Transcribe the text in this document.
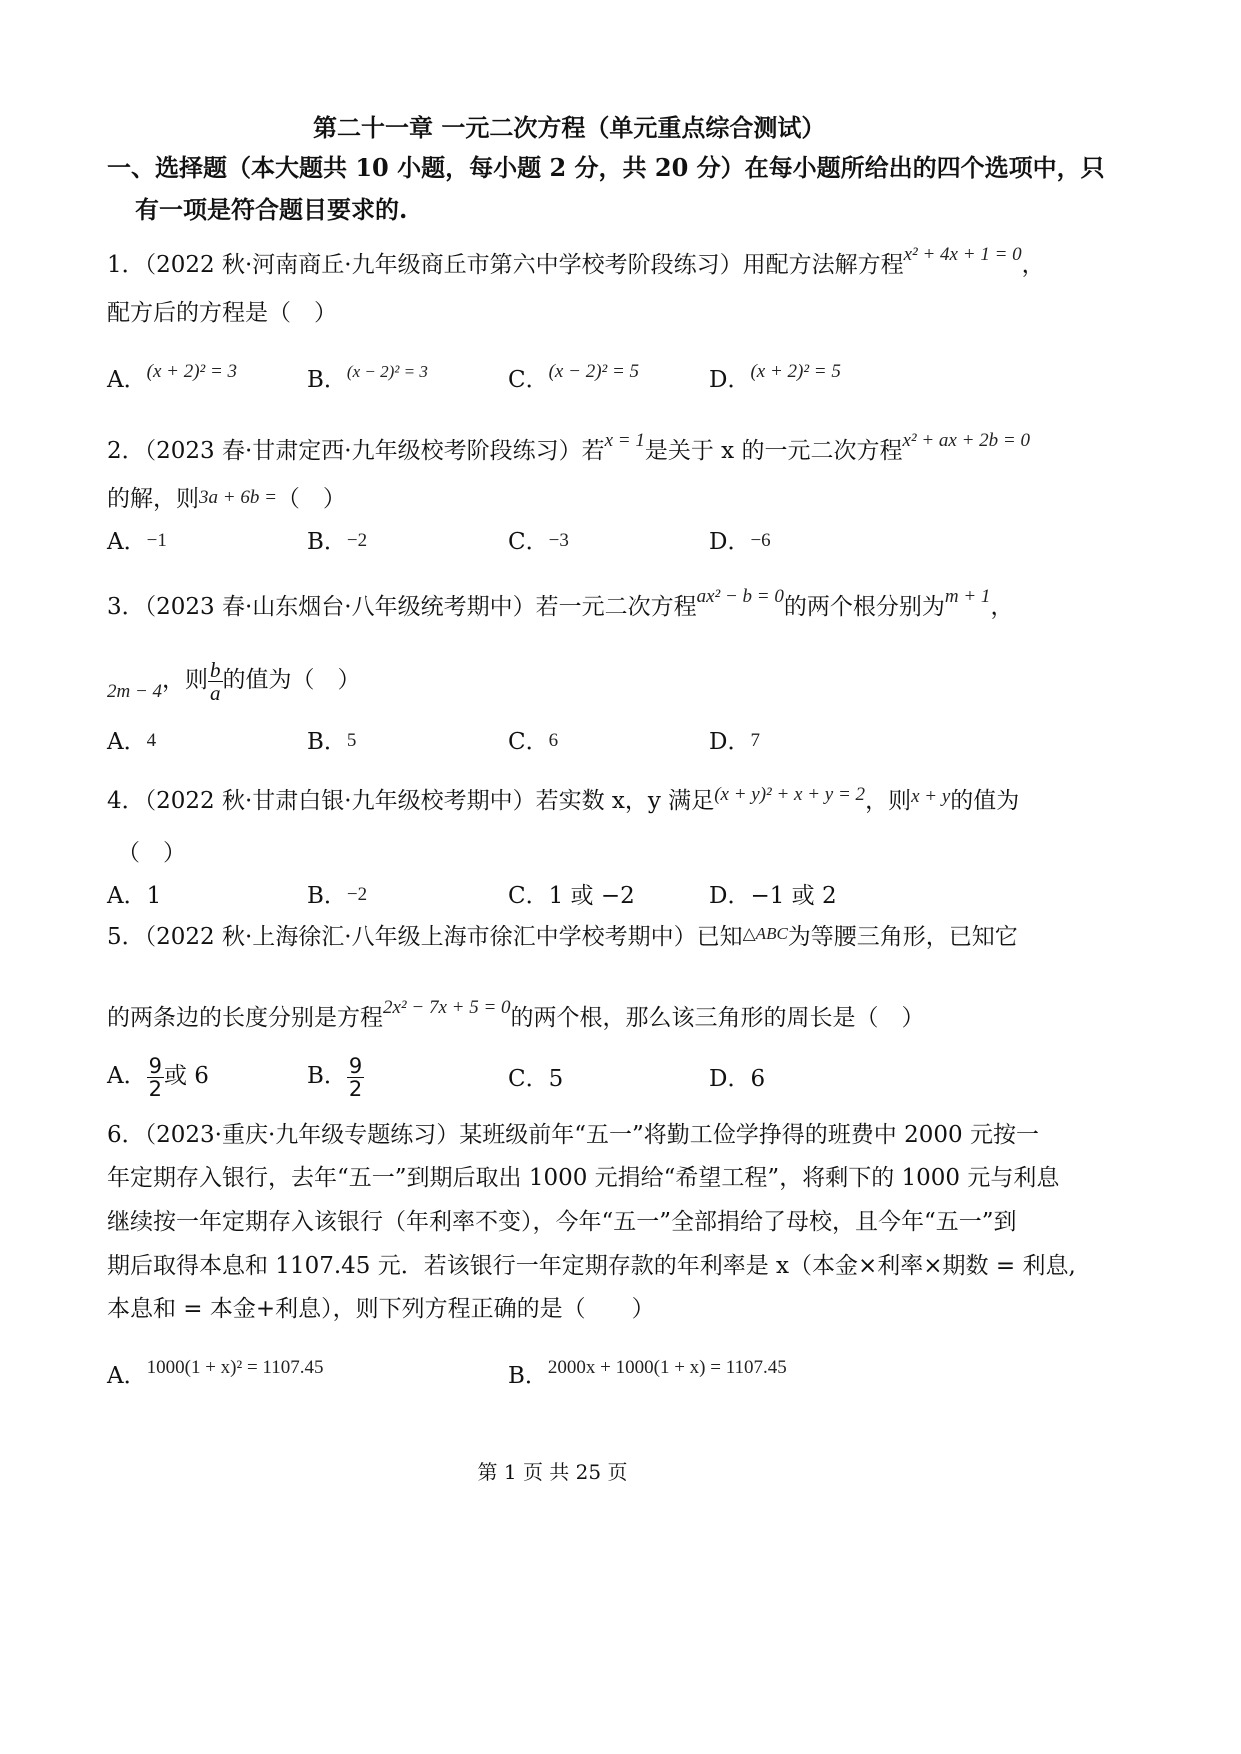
第二十一章 一元二次方程（单元重点综合测试）
一、选择题（本大题共 10 小题，每小题 2 分，共 20 分）在每小题所给出的四个选项中，只
有一项是符合题目要求的.
1．（2022 秋·河南商丘·九年级商丘市第六中学校考阶段练习）用配方法解方程$^{x^2 + 4x + 1 = 0}$，
配方后的方程是（　）
A．$^{(x + 2)^2 = 3}$	B．$^{(x - 2)^2 = 3}$	C．$^{(x - 2)^2 = 5}$	D．$^{(x + 2)^2 = 5}$
2．（2023 春·甘肃定西·九年级校考阶段练习）若$^{x = 1}$是关于 x 的一元二次方程$^{x^2 + ax + 2b = 0}$
的解，则3a + 6b =（　）
A．−1	B．−2	C．−3	D．−6
3．（2023 春·山东烟台·八年级统考期中）若一元二次方程$^{ax^2 - b = 0}$的两个根分别为$^{m + 1}$，
$_{2m - 4}$，则 $\frac{b}{a}$ 的值为（　）
A．4	B．5	C．6	D．7
4．（2022 秋·甘肃白银·九年级校考期中）若实数 x，y 满足$^{(x + y)^2 + x + y = 2}$，则$^{x + y}$的值为
（　）
A．1	B．−2	C．1 或 −2	D．−1 或 2
5．（2022 秋·上海徐汇·八年级上海市徐汇中学校考期中）已知$^{\triangle ABC}$为等腰三角形，已知它
的两条边的长度分别是方程$^{2x^2 - 7x + 5 = 0}$的两个根，那么该三角形的周长是（　）
A． $\frac{9}{2}$ 或 6	B． $\frac{9}{2}$	C．5	D．6
6．（2023·重庆·九年级专题练习）某班级前年“五一”将勤工俭学挣得的班费中 2000 元按一
年定期存入银行，去年“五一”到期后取出 1000 元捐给“希望工程”，将剩下的 1000 元与利息
继续按一年定期存入该银行（年利率不变），今年“五一”全部捐给了母校，且今年“五一”到
期后取得本息和 1107.45 元．若该银行一年定期存款的年利率是 x（本金×利率×期数 = 利息,
本息和 = 本金+利息），则下列方程正确的是（　　）
A．$^{1000(1 + x)^2 = 1107.45}$	B．$^{2000x + 1000(1 + x) = 1107.45}$
第 1 页 共 25 页
